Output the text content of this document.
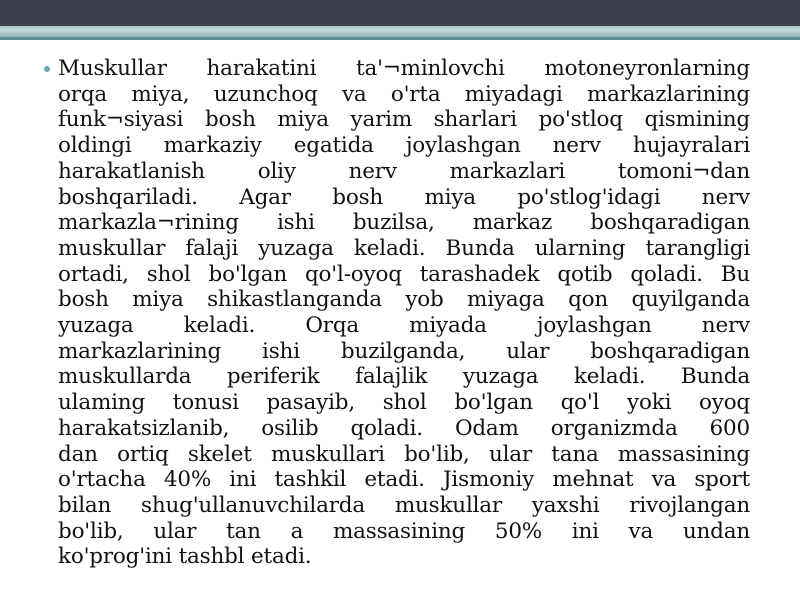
Muskullar harakatini ta'¬minlovchi motoneyronlarning
orqa miya, uzunchoq va o'rta miyadagi markazlarining
funk¬siyasi bosh miya yarim sharlari po'stloq qismining
oldingi markaziy egatida joylashgan nerv hujayralari
harakatlanish oliy nerv markazlari tomoni¬dan
boshqariladi. Agar bosh miya po'stlog'idagi nerv
markazla¬rining ishi buzilsa, markaz boshqaradigan
muskullar falaji yuzaga keladi. Bunda ularning tarangligi
ortadi, shol bo'lgan qo'l-oyoq tarashadek qotib qoladi. Bu
bosh miya shikastlanganda yob miyaga qon quyilganda
yuzaga keladi. Orqa miyada joylashgan nerv
markazlarining ishi buzilganda, ular boshqaradigan
muskullarda periferik falajlik yuzaga keladi. Bunda
ulaming tonusi pasayib, shol bo'lgan qo'l yoki oyoq
harakatsizlanib, osilib qoladi. Odam organizmda 600
dan ortiq skelet muskullari bo'lib, ular tana massasining
o'rtacha 40% ini tashkil etadi. Jismoniy mehnat va sport
bilan shug'ullanuvchilarda muskullar yaxshi rivojlangan
bo'lib, ular tan a massasining 50% ini va undan
ko'prog'ini tashbl etadi.
